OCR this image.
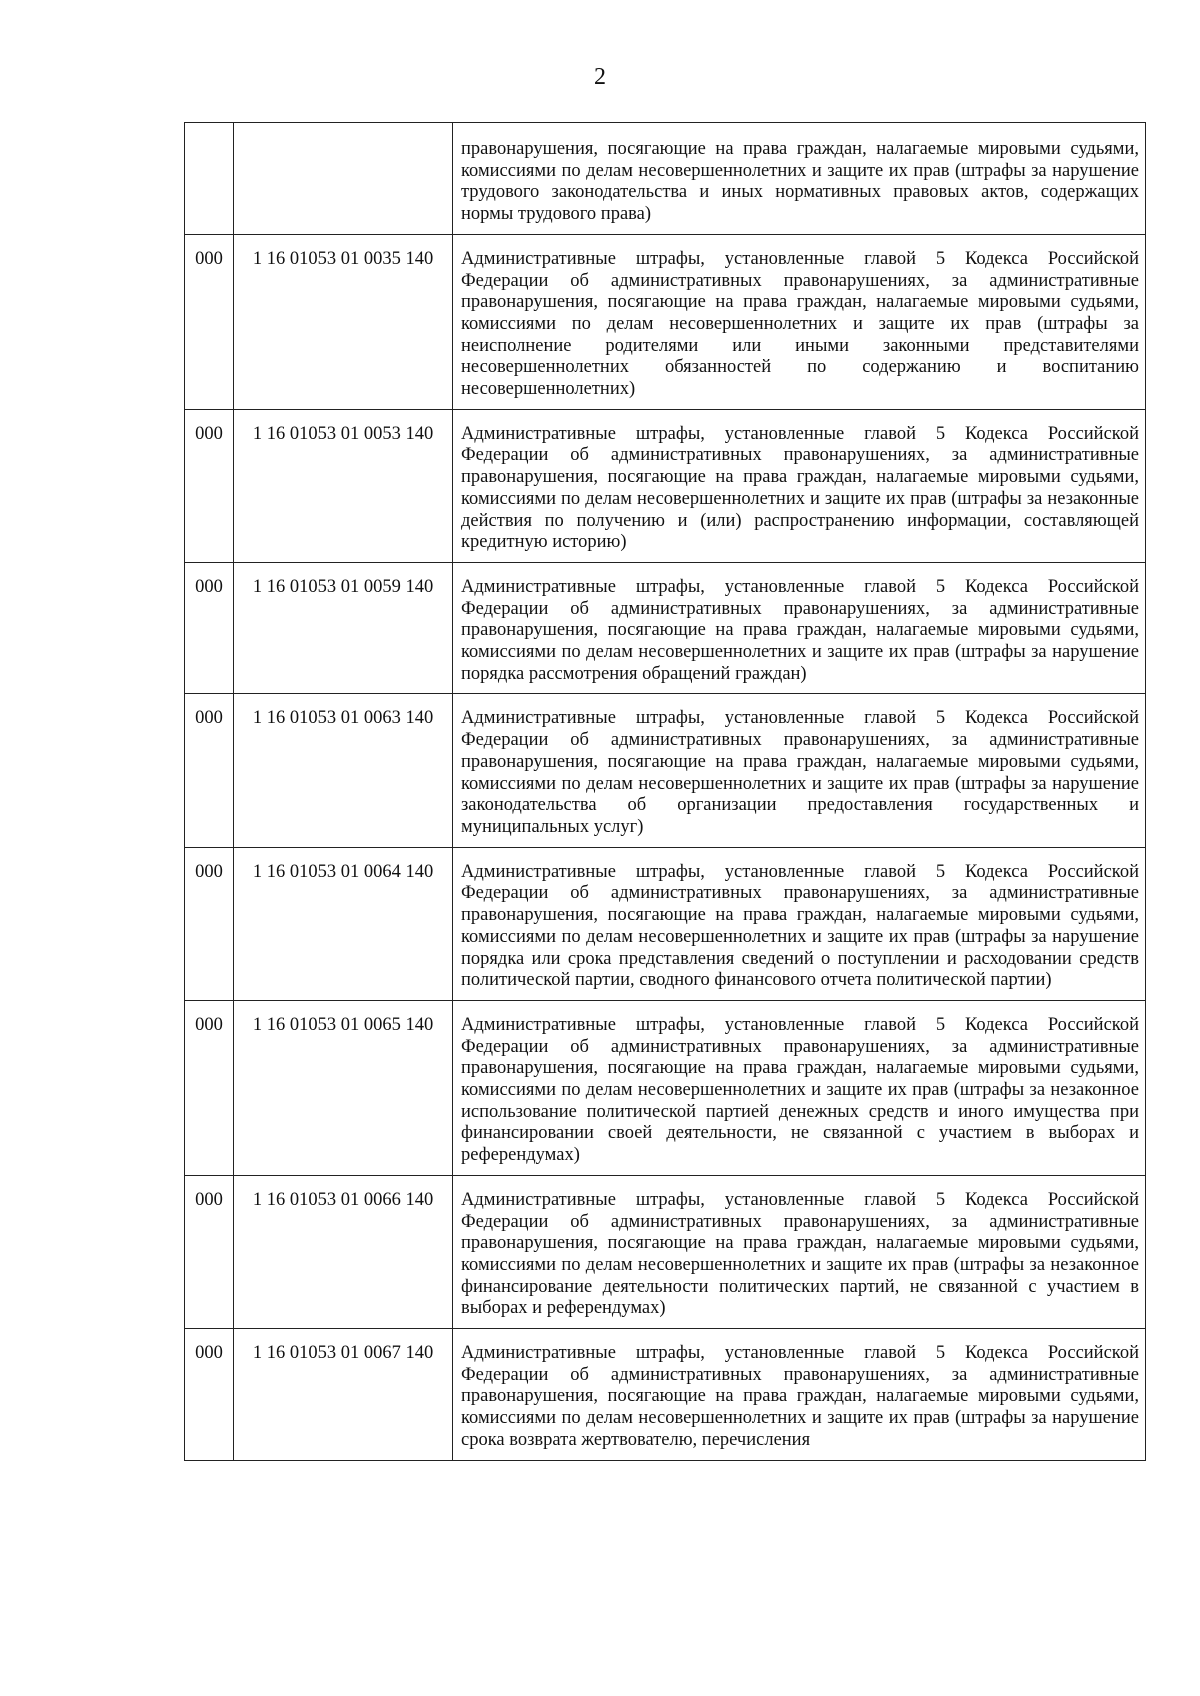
2
		правонарушения, посягающие на права граждан, налагаемые мировыми судьями, комиссиями по делам несовершеннолетних и защите их прав (штрафы за нарушение трудового законодательства и иных нормативных правовых актов, содержащих нормы трудового права)
000	1 16 01053 01 0035 140	Административные штрафы, установленные главой 5 Кодекса Российской Федерации об административных правонарушениях, за административные правонарушения, посягающие на права граждан, налагаемые мировыми судьями, комиссиями по делам несовершеннолетних и защите их прав (штрафы за неисполнение родителями или иными законными представителями несовершеннолетних обязанностей по содержанию и воспитанию несовершеннолетних)
000	1 16 01053 01 0053 140	Административные штрафы, установленные главой 5 Кодекса Российской Федерации об административных правонарушениях, за административные правонарушения, посягающие на права граждан, налагаемые мировыми судьями, комиссиями по делам несовершеннолетних и защите их прав (штрафы за незаконные действия по получению и (или) распространению информации, составляющей кредитную историю)
000	1 16 01053 01 0059 140	Административные штрафы, установленные главой 5 Кодекса Российской Федерации об административных правонарушениях, за административные правонарушения, посягающие на права граждан, налагаемые мировыми судьями, комиссиями по делам несовершеннолетних и защите их прав (штрафы за нарушение порядка рассмотрения обращений граждан)
000	1 16 01053 01 0063 140	Административные штрафы, установленные главой 5 Кодекса Российской Федерации об административных правонарушениях, за административные правонарушения, посягающие на права граждан, налагаемые мировыми судьями, комиссиями по делам несовершеннолетних и защите их прав (штрафы за нарушение законодательства об организации предоставления государственных и муниципальных услуг)
000	1 16 01053 01 0064 140	Административные штрафы, установленные главой 5 Кодекса Российской Федерации об административных правонарушениях, за административные правонарушения, посягающие на права граждан, налагаемые мировыми судьями, комиссиями по делам несовершеннолетних и защите их прав (штрафы за нарушение порядка или срока представления сведений о поступлении и расходовании средств политической партии, сводного финансового отчета политической партии)
000	1 16 01053 01 0065 140	Административные штрафы, установленные главой 5 Кодекса Российской Федерации об административных правонарушениях, за административные правонарушения, посягающие на права граждан, налагаемые мировыми судьями, комиссиями по делам несовершеннолетних и защите их прав (штрафы за незаконное использование политической партией денежных средств и иного имущества при финансировании своей деятельности, не связанной с участием в выборах и референдумах)
000	1 16 01053 01 0066 140	Административные штрафы, установленные главой 5 Кодекса Российской Федерации об административных правонарушениях, за административные правонарушения, посягающие на права граждан, налагаемые мировыми судьями, комиссиями по делам несовершеннолетних и защите их прав (штрафы за незаконное финансирование деятельности политических партий, не связанной с участием в выборах и референдумах)
000	1 16 01053 01 0067 140	Административные штрафы, установленные главой 5 Кодекса Российской Федерации об административных правонарушениях, за административные правонарушения, посягающие на права граждан, налагаемые мировыми судьями, комиссиями по делам несовершеннолетних и защите их прав (штрафы за нарушение срока возврата жертвователю, перечисления
